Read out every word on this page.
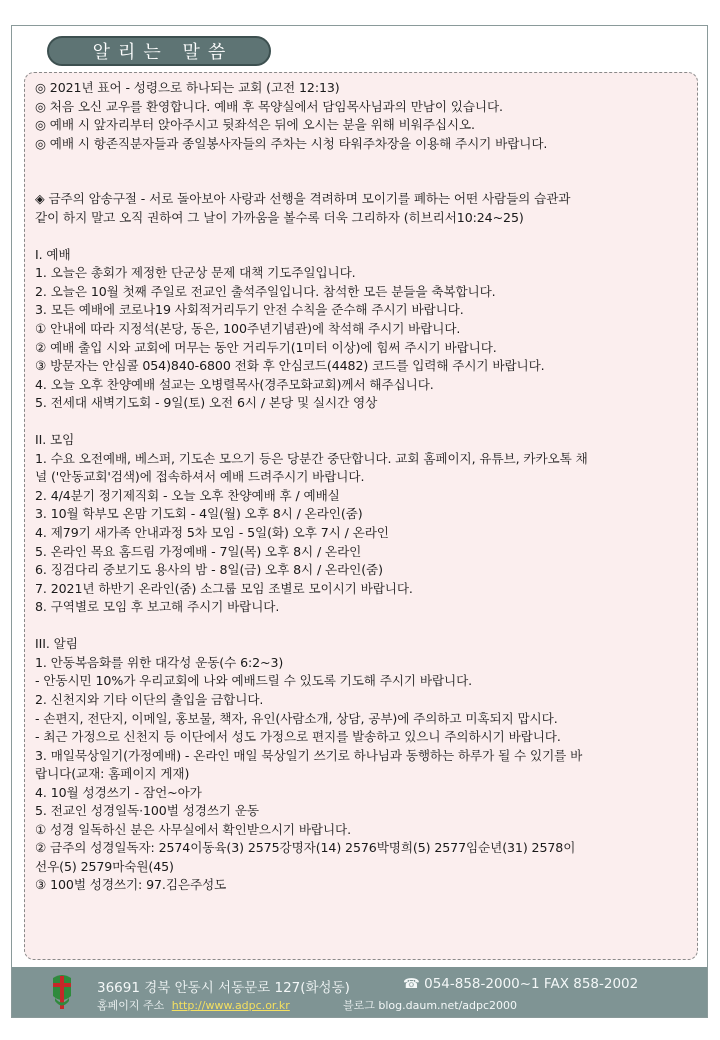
알리는 말씀
◎ 2021년 표어 - 성령으로 하나되는 교회 (고전 12:13)
◎ 처음 오신 교우를 환영합니다. 예배 후 목양실에서 담임목사님과의 만남이 있습니다.
◎ 예배 시 앞자리부터 앉아주시고 뒷좌석은 뒤에 오시는 분을 위해 비워주십시오.
◎ 예배 시 항존직분자들과 종일봉사자들의 주차는 시청 타워주차장을 이용해 주시기 바랍니다.
◈ 금주의 암송구절 - 서로 돌아보아 사랑과 선행을 격려하며 모이기를 폐하는 어떤 사람들의 습관과
같이 하지 말고 오직 권하여 그 날이 가까움을 볼수록 더욱 그리하자 (히브리서10:24~25)
I. 예배
1. 오늘은 총회가 제정한 단군상 문제 대책 기도주일입니다.
2. 오늘은 10월 첫째 주일로 전교인 출석주일입니다. 참석한 모든 분들을 축복합니다.
3. 모든 예배에 코로나19 사회적거리두기 안전 수칙을 준수해 주시기 바랍니다.
① 안내에 따라 지정석(본당, 동은, 100주년기념관)에 착석해 주시기 바랍니다.
② 예배 출입 시와 교회에 머무는 동안 거리두기(1미터 이상)에 힘써 주시기 바랍니다.
③ 방문자는 안심콜 054)840-6800 전화 후 안심코드(4482) 코드를 입력해 주시기 바랍니다.
4. 오늘 오후 찬양예배 설교는 오병렬목사(경주모화교회)께서 해주십니다.
5. 전세대 새벽기도회 - 9일(토) 오전 6시 / 본당 및 실시간 영상
II. 모임
1. 수요 오전예배, 베스퍼, 기도손 모으기 등은 당분간 중단합니다. 교회 홈페이지, 유튜브, 카카오톡 채
널 ('안동교회'검색)에 접속하셔서 예배 드려주시기 바랍니다.
2. 4/4분기 정기제직회 - 오늘 오후 찬양예배 후 / 예배실
3. 10월 학부모 온맘 기도회 - 4일(월) 오후 8시 / 온라인(줌)
4. 제79기 새가족 안내과정 5차 모임 - 5일(화) 오후 7시 / 온라인
5. 온라인 목요 홈드림 가정예배 - 7일(목) 오후 8시 / 온라인
6. 징검다리 중보기도 용사의 밤 - 8일(금) 오후 8시 / 온라인(줌)
7. 2021년 하반기 온라인(줌) 소그룹 모임 조별로 모이시기 바랍니다.
8. 구역별로 모임 후 보고해 주시기 바랍니다.
III. 알림
1. 안동복음화를 위한 대각성 운동(수 6:2~3)
- 안동시민 10%가 우리교회에 나와 예배드릴 수 있도록 기도해 주시기 바랍니다.
2. 신천지와 기타 이단의 출입을 금합니다.
- 손편지, 전단지, 이메일, 홍보물, 책자, 유인(사람소개, 상담, 공부)에 주의하고 미혹되지 맙시다.
- 최근 가정으로 신천지 등 이단에서 성도 가정으로 편지를 발송하고 있으니 주의하시기 바랍니다.
3. 매일묵상일기(가정예배) - 온라인 매일 묵상일기 쓰기로 하나님과 동행하는 하루가 될 수 있기를 바
랍니다(교재: 홈페이지 게재)
4. 10월 성경쓰기 - 잠언~아가
5. 전교인 성경일독·100벌 성경쓰기 운동
① 성경 일독하신 분은 사무실에서 확인받으시기 바랍니다.
② 금주의 성경일독자: 2574이동육(3) 2575강명자(14) 2576박명희(5) 2577임순년(31) 2578이
선우(5) 2579마숙원(45)
③ 100벌 성경쓰기: 97.김은주성도
36691 경북 안동시 서동문로 127(화성동)	☎ 054-858-2000~1 FAX 858-2002
홈페이지 주소 http://www.adpc.or.kr	블로그 blog.daum.net/adpc2000
